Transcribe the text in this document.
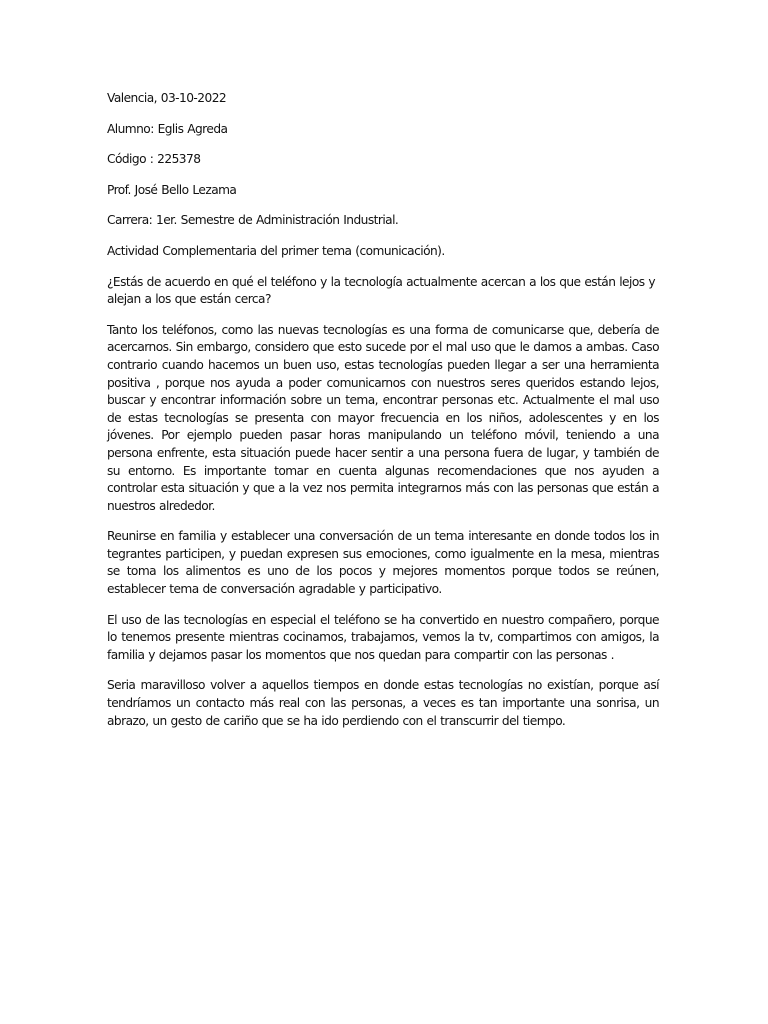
Valencia, 03-10-2022
Alumno: Eglis Agreda
Código : 225378
Prof. José Bello Lezama
Carrera: 1er. Semestre de Administración Industrial.
Actividad Complementaria del primer tema (comunicación).
¿Estás de acuerdo en qué el teléfono y la tecnología actualmente acercan a los que están lejos y alejan a los que están cerca?
Tanto los teléfonos, como las nuevas tecnologías es una forma de comunicarse que, debería de acercarnos. Sin embargo, considero que esto sucede por el mal uso que le damos a ambas. Caso contrario cuando hacemos un buen uso, estas tecnologías pueden llegar a ser una herramienta positiva , porque nos ayuda a poder comunicarnos con nuestros seres queridos estando lejos, buscar y encontrar información sobre un tema, encontrar personas etc. Actualmente el mal uso de estas tecnologías se presenta con mayor frecuencia en los niños, adolescentes y en los jóvenes. Por ejemplo pueden pasar horas manipulando un teléfono móvil, teniendo a una persona enfrente, esta situación puede hacer sentir a una persona fuera de lugar, y también de su entorno. Es importante tomar en cuenta algunas recomendaciones que nos ayuden a controlar esta situación y que a la vez nos permita integrarnos más con las personas que están a nuestros alrededor.
Reunirse en familia y establecer una conversación de un tema interesante en donde todos los in tegrantes participen, y puedan expresen sus emociones, como igualmente en la mesa, mientras se toma los alimentos es uno de los pocos y mejores momentos porque todos se reúnen, establecer tema de conversación agradable y participativo.
El uso de las tecnologías en especial el teléfono se ha convertido en nuestro compañero, porque lo tenemos presente mientras cocinamos, trabajamos, vemos la tv, compartimos con amigos, la familia y dejamos pasar los momentos que nos quedan para compartir con las personas .
Seria maravilloso volver a aquellos tiempos en donde estas tecnologías no existían, porque así tendríamos un contacto más real con las personas, a veces es tan importante una sonrisa, un abrazo, un gesto de cariño que se ha ido perdiendo con el transcurrir del tiempo.
